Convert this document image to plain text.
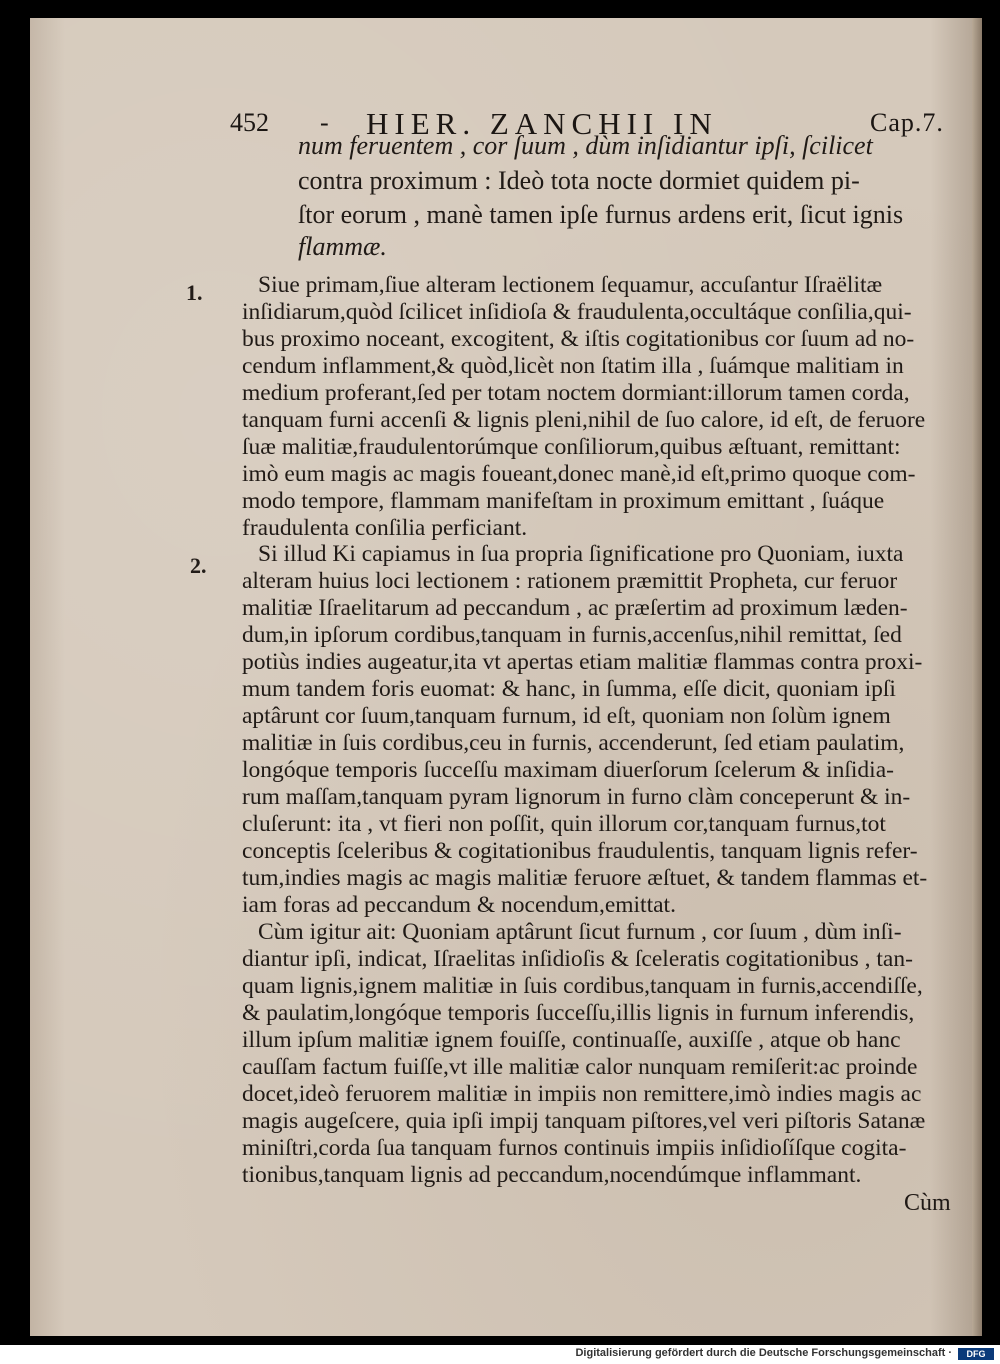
452 - HIER. ZANCHII IN	Cap.7.
num feruentem , cor ſuum , dùm inſidiantur ipſi, ſcilicet
contra proximum : Ideò tota nocte dormiet quidem pi-
ſtor eorum , manè tamen ipſe furnus ardens erit, ſicut ignis
flammæ.
1. Siue primam,ſiue alteram lectionem ſequamur, accuſantur Iſraëlitæ
inſidiarum,quòd ſcilicet inſidioſa & fraudulenta,occultáque conſilia,qui-
bus proximo noceant, excogitent, & iſtis cogitationibus cor ſuum ad no-
cendum inflamment,& quòd,licèt non ſtatim illa , ſuámque malitiam in
medium proferant,ſed per totam noctem dormiant:illorum tamen corda,
tanquam furni accenſi & lignis pleni,nihil de ſuo calore, id eſt, de feruore
ſuæ malitiæ,fraudulentorúmque conſiliorum,quibus æſtuant, remittant:
imò eum magis ac magis foueant,donec manè,id eſt,primo quoque com-
modo tempore, flammam manifeſtam in proximum emittant , ſuáque
fraudulenta conſilia perficiant.
2. Si illud Ki capiamus in ſua propria ſignificatione pro Quoniam, iuxta
alteram huius loci lectionem : rationem præmittit Propheta, cur feruor
malitiæ Iſraelitarum ad peccandum , ac præſertim ad proximum læden-
dum,in ipſorum cordibus,tanquam in furnis,accenſus,nihil remittat, ſed
potiùs indies augeatur,ita vt apertas etiam malitiæ flammas contra proxi-
mum tandem foris euomat: & hanc, in ſumma, eſſe dicit, quoniam ipſi
aptârunt cor ſuum,tanquam furnum, id eſt, quoniam non ſolùm ignem
malitiæ in ſuis cordibus,ceu in furnis, accenderunt, ſed etiam paulatim,
longóque temporis ſucceſſu maximam diuerſorum ſcelerum & inſidia-
rum maſſam,tanquam pyram lignorum in furno clàm conceperunt & in-
cluſerunt: ita , vt fieri non poſſit, quin illorum cor,tanquam furnus,tot
conceptis ſceleribus & cogitationibus fraudulentis, tanquam lignis refer-
tum,indies magis ac magis malitiæ feruore æſtuet, & tandem flammas et-
iam foras ad peccandum & nocendum,emittat.
Cùm igitur ait: Quoniam aptârunt ſicut furnum , cor ſuum , dùm inſi-
diantur ipſi, indicat, Iſraelitas inſidioſis & ſceleratis cogitationibus , tan-
quam lignis,ignem malitiæ in ſuis cordibus,tanquam in furnis,accendiſſe,
& paulatim,longóque temporis ſucceſſu,illis lignis in furnum inferendis,
illum ipſum malitiæ ignem fouiſſe, continuaſſe, auxiſſe , atque ob hanc
cauſſam factum fuiſſe,vt ille malitiæ calor nunquam remiſerit:ac proinde
docet,ideò feruorem malitiæ in impiis non remittere,imò indies magis ac
magis augeſcere, quia ipſi impij tanquam piſtores,vel veri piſtoris Satanæ
miniſtri,corda ſua tanquam furnos continuis impiis inſidioſíſque cogita-
tionibus,tanquam lignis ad peccandum,nocendúmque inflammant.
Cùm
Digitalisierung gefördert durch die Deutsche Forschungsgemeinschaft ·	DFG
